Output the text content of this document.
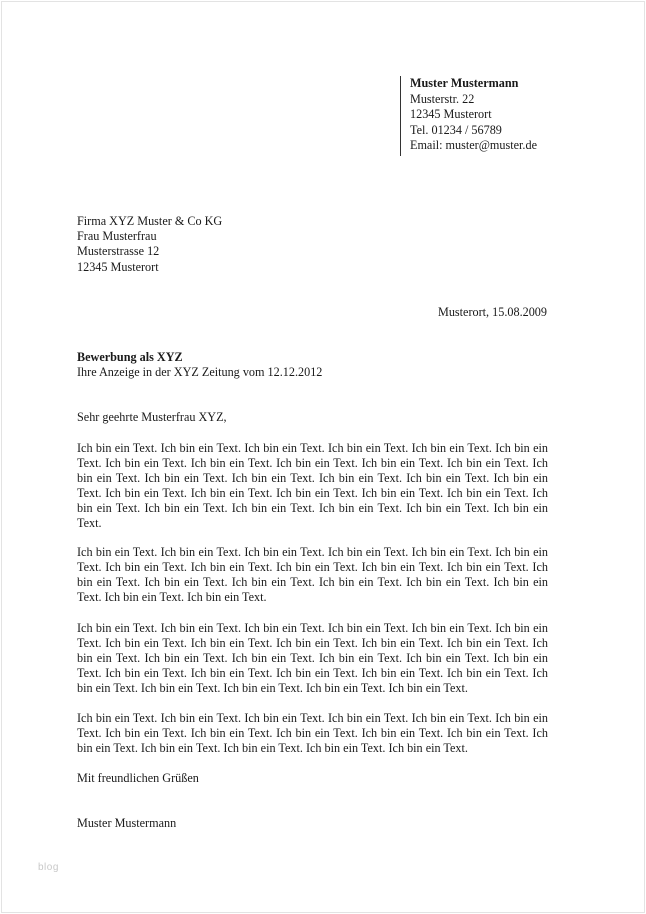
Muster Mustermann
Musterstr. 22
12345 Musterort
Tel. 01234 / 56789
Email: muster@muster.de
Firma XYZ Muster & Co KG
Frau Musterfrau
Musterstrasse 12
12345 Musterort
Musterort, 15.08.2009
Bewerbung als XYZ
Ihre Anzeige in der XYZ Zeitung vom 12.12.2012
Sehr geehrte Musterfrau XYZ,
Ich bin ein Text. Ich bin ein Text. Ich bin ein Text. Ich bin ein Text. Ich bin ein Text. Ich bin ein Text. Ich bin ein Text. Ich bin ein Text. Ich bin ein Text. Ich bin ein Text. Ich bin ein Text. Ich bin ein Text. Ich bin ein Text. Ich bin ein Text. Ich bin ein Text. Ich bin ein Text. Ich bin ein Text. Ich bin ein Text. Ich bin ein Text. Ich bin ein Text. Ich bin ein Text. Ich bin ein Text. Ich bin ein Text. Ich bin ein Text. Ich bin ein Text. Ich bin ein Text. Ich bin ein Text. Ich bin ein Text.
Ich bin ein Text. Ich bin ein Text. Ich bin ein Text. Ich bin ein Text. Ich bin ein Text. Ich bin ein Text. Ich bin ein Text. Ich bin ein Text. Ich bin ein Text. Ich bin ein Text. Ich bin ein Text. Ich bin ein Text. Ich bin ein Text. Ich bin ein Text. Ich bin ein Text. Ich bin ein Text. Ich bin ein Text. Ich bin ein Text. Ich bin ein Text.
Ich bin ein Text. Ich bin ein Text. Ich bin ein Text. Ich bin ein Text. Ich bin ein Text. Ich bin ein Text. Ich bin ein Text. Ich bin ein Text. Ich bin ein Text. Ich bin ein Text. Ich bin ein Text. Ich bin ein Text. Ich bin ein Text. Ich bin ein Text. Ich bin ein Text. Ich bin ein Text. Ich bin ein Text. Ich bin ein Text. Ich bin ein Text. Ich bin ein Text. Ich bin ein Text. Ich bin ein Text. Ich bin ein Text. Ich bin ein Text. Ich bin ein Text. Ich bin ein Text. Ich bin ein Text.
Ich bin ein Text. Ich bin ein Text. Ich bin ein Text. Ich bin ein Text. Ich bin ein Text. Ich bin ein Text. Ich bin ein Text. Ich bin ein Text. Ich bin ein Text. Ich bin ein Text. Ich bin ein Text. Ich bin ein Text. Ich bin ein Text. Ich bin ein Text. Ich bin ein Text. Ich bin ein Text.
Mit freundlichen Grüßen
Muster Mustermann
blog
